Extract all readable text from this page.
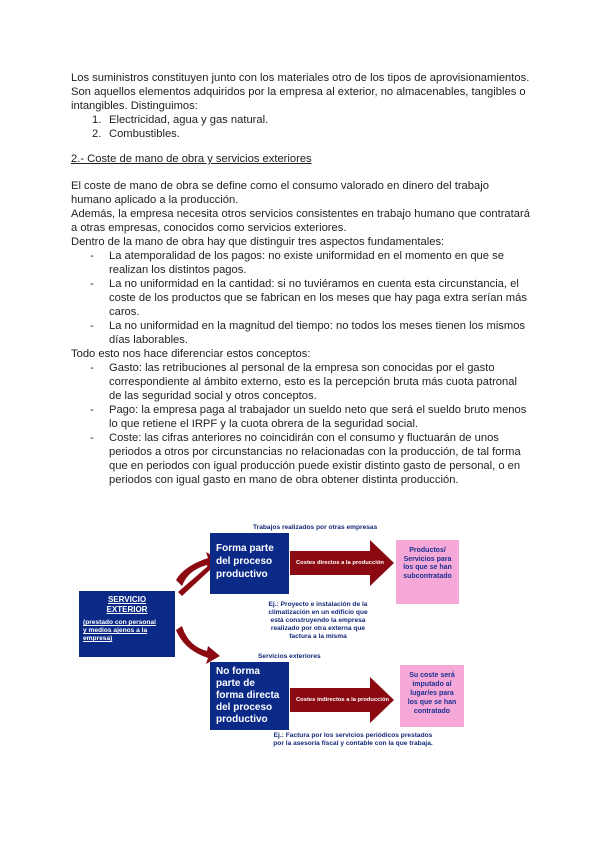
Los suministros constituyen junto con los materiales otro de los tipos de aprovisionamientos.

Son aquellos elementos adquiridos por la empresa al exterior, no almacenables, tangibles o

intangibles. Distinguimos:

1. Electricidad, agua y gas natural.

2. Combustibles.

2.- Coste de mano de obra y servicios exteriores

El coste de mano de obra se define como el consumo valorado en dinero del trabajo

humano aplicado a la producción.

Además, la empresa necesita otros servicios consistentes en trabajo humano que contratará

a otras empresas, conocidos como servicios exteriores.

Dentro de la mano de obra hay que distinguir tres aspectos fundamentales:

- La atemporalidad de los pagos: no existe uniformidad en el momento en que se
realizan los distintos pagos.
- La no uniformidad en la cantidad: si no tuviéramos en cuenta esta circunstancia, el
coste de los productos que se fabrican en los meses que hay paga extra serían más
caros.
- La no uniformidad en la magnitud del tiempo: no todos los meses tienen los mismos
días laborables.

Todo esto nos hace diferenciar estos conceptos:

- Gasto: las retribuciones al personal de la empresa son conocidas por el gasto
correspondiente al ámbito externo, esto es la percepción bruta más cuota patronal
de las seguridad social y otros conceptos.
- Pago: la empresa paga al trabajador un sueldo neto que será el sueldo bruto menos
lo que retiene el IRPF y la cuota obrera de la seguridad social.
- Coste: las cifras anteriores no coincidirán con el consumo y fluctuarán de unos
periodos a otros por circunstancias no relacionadas con la producción, de tal forma
que en periodos con igual producción puede existir distinto gasto de personal, o en
periodos con igual gasto en mano de obra obtener distinta producción.
Trabajos realizados por otras empresas
SERVICIO
EXTERIOR
(prestado con personal
y medios ajenos a la
empresa)
Forma parte
del proceso
productivo
Costes directos a la producción
Productos/
Servicios para
los que se han
subcontratado
Ej.: Proyecto e instalación de la
climatización en un edificio que
está construyendo la empresa
realizado por otra externa que
factura a la misma
Servicios exteriores
No forma
parte de
forma directa
del proceso
productivo
Costes indirectos a la producción
Su coste será
imputado al
lugar/es para
los que se han
contratado
Ej.: Factura por los servicios periódicos prestados
por la asesoría fiscal y contable con la que trabaja.
